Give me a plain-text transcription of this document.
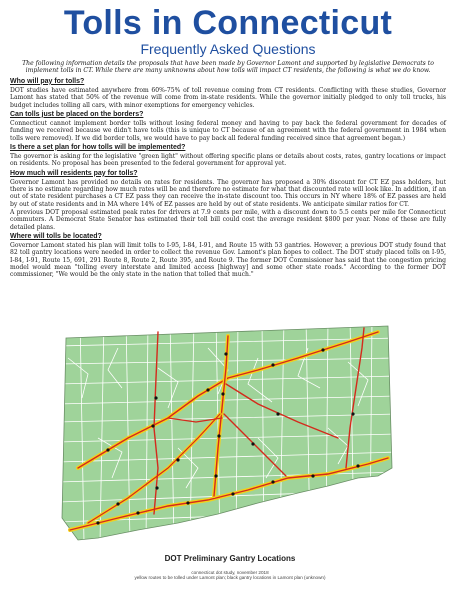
Tolls in Connecticut
Frequently Asked Questions

The following information details the proposals that have been made by Governor Lamont and supported by legislative Democrats to implement tolls in CT. While there are many unknowns about how tolls will impact CT residents, the following is what we do know.

Who will pay for tolls?

DOT studies have estimated anywhere from 60%-75% of toll revenue coming from CT residents. Conflicting with these studies, Governor Lamont has stated that 50% of the revenue will come from in-state residents. While the governor initially pledged to only toll trucks, his budget includes tolling all cars, with minor exemptions for emergency vehicles.

Can tolls just be placed on the borders?

Connecticut cannot implement border tolls without losing federal money and having to pay back the federal government for decades of funding we received because we didn't have tolls (this is unique to CT because of an agreement with the federal government in 1984 when tolls were removed). If we did border tolls, we would have to pay back all federal funding received since that agreement began.)

Is there a set plan for how tolls will be implemented?

The governor is asking for the legislative "green light" without offering specific plans or details about costs, rates, gantry locations or impact on residents. No proposal has been presented to the federal government for approval yet.

How much will residents pay for tolls?

Governor Lamont has provided no details on rates for residents. The governor has proposed a 30% discount for CT EZ pass holders, but there is no estimate regarding how much rates will be and therefore no estimate for what that discounted rate will look like. In addition, if an out of state resident purchases a CT EZ pass they can receive the in-state discount too. This occurs in NY where 18% of EZ passes are held by out of state residents and in MA where 14% of EZ passes are held by out of state residents. We anticipate similar ratios for CT.

A previous DOT proposal estimated peak rates for drivers at 7.9 cents per mile, with a discount down to 5.5 cents per mile for Connecticut commuters. A Democrat State Senator has estimated their toll bill could cost the average resident $800 per year. None of these are fully detailed plans.

Where will tolls be located?

Governor Lamont stated his plan will limit tolls to I-95, I-84, I-91, and Route 15 with 53 gantries. However, a previous DOT study found that 82 toll gantry locations were needed in order to collect the revenue Gov. Lamont's plan hopes to collect. The DOT study placed tolls on I-95, I-84, I-91, Route 15, 691, 291 Route 8, Route 2, Route 395, and Route 9. The former DOT Commissioner has said that the congestion pricing model would mean "tolling every interstate and limited access [highway] and some other state roads." According to the former DOT commissioner, "We would be the only state in the nation that tolled that much."

DOT Preliminary Gantry Locations
connecticut dot study, november 2018
yellow routes to be tolled under Lamont plan; black gantry locations in Lamont plan (unknown)
